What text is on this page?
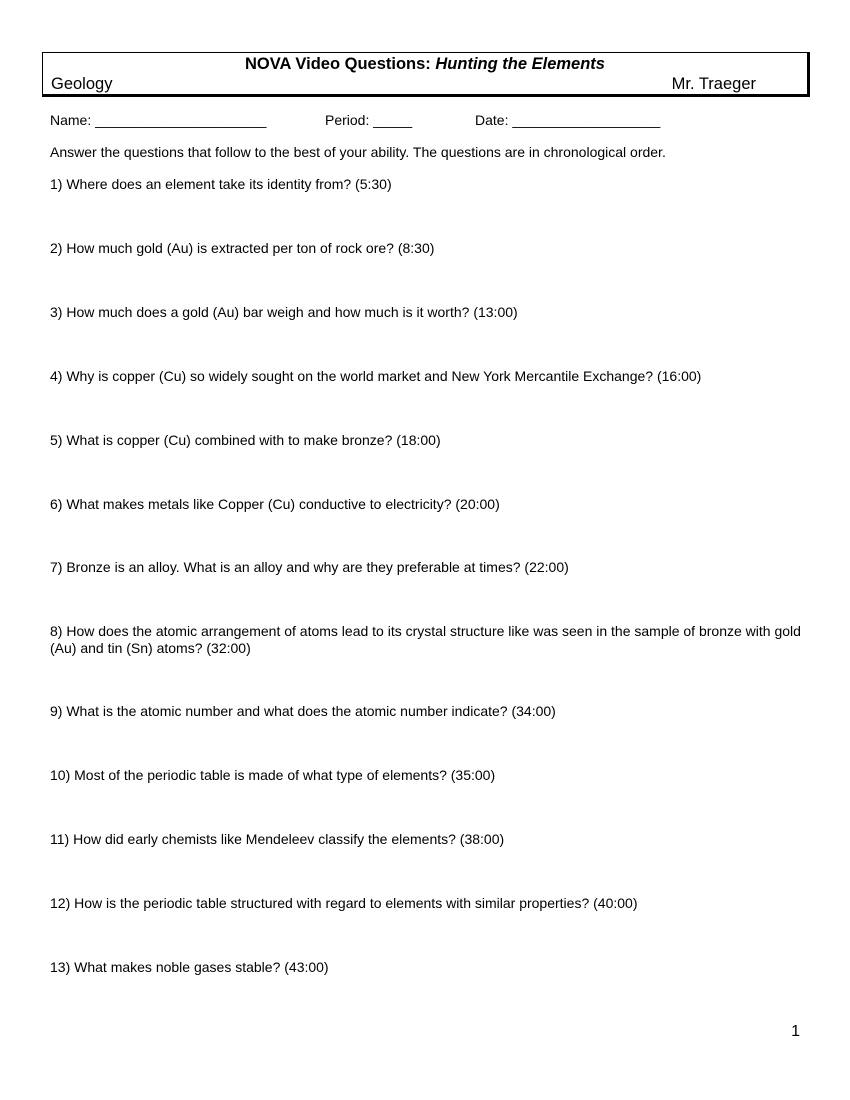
NOVA Video Questions: Hunting the Elements
Geology	Mr. Traeger
Name: ______________________	Period: _____	Date: ___________________
Answer the questions that follow to the best of your ability. The questions are in chronological order.
1) Where does an element take its identity from? (5:30)
2) How much gold (Au) is extracted per ton of rock ore? (8:30)
3) How much does a gold (Au) bar weigh and how much is it worth? (13:00)
4) Why is copper (Cu) so widely sought on the world market and New York Mercantile Exchange? (16:00)
5) What is copper (Cu) combined with to make bronze? (18:00)
6) What makes metals like Copper (Cu) conductive to electricity? (20:00)
7) Bronze is an alloy. What is an alloy and why are they preferable at times? (22:00)
8) How does the atomic arrangement of atoms lead to its crystal structure like was seen in the sample of bronze with gold (Au) and tin (Sn) atoms? (32:00)
9) What is the atomic number and what does the atomic number indicate? (34:00)
10) Most of the periodic table is made of what type of elements? (35:00)
11) How did early chemists like Mendeleev classify the elements? (38:00)
12) How is the periodic table structured with regard to elements with similar properties? (40:00)
13) What makes noble gases stable? (43:00)
1
